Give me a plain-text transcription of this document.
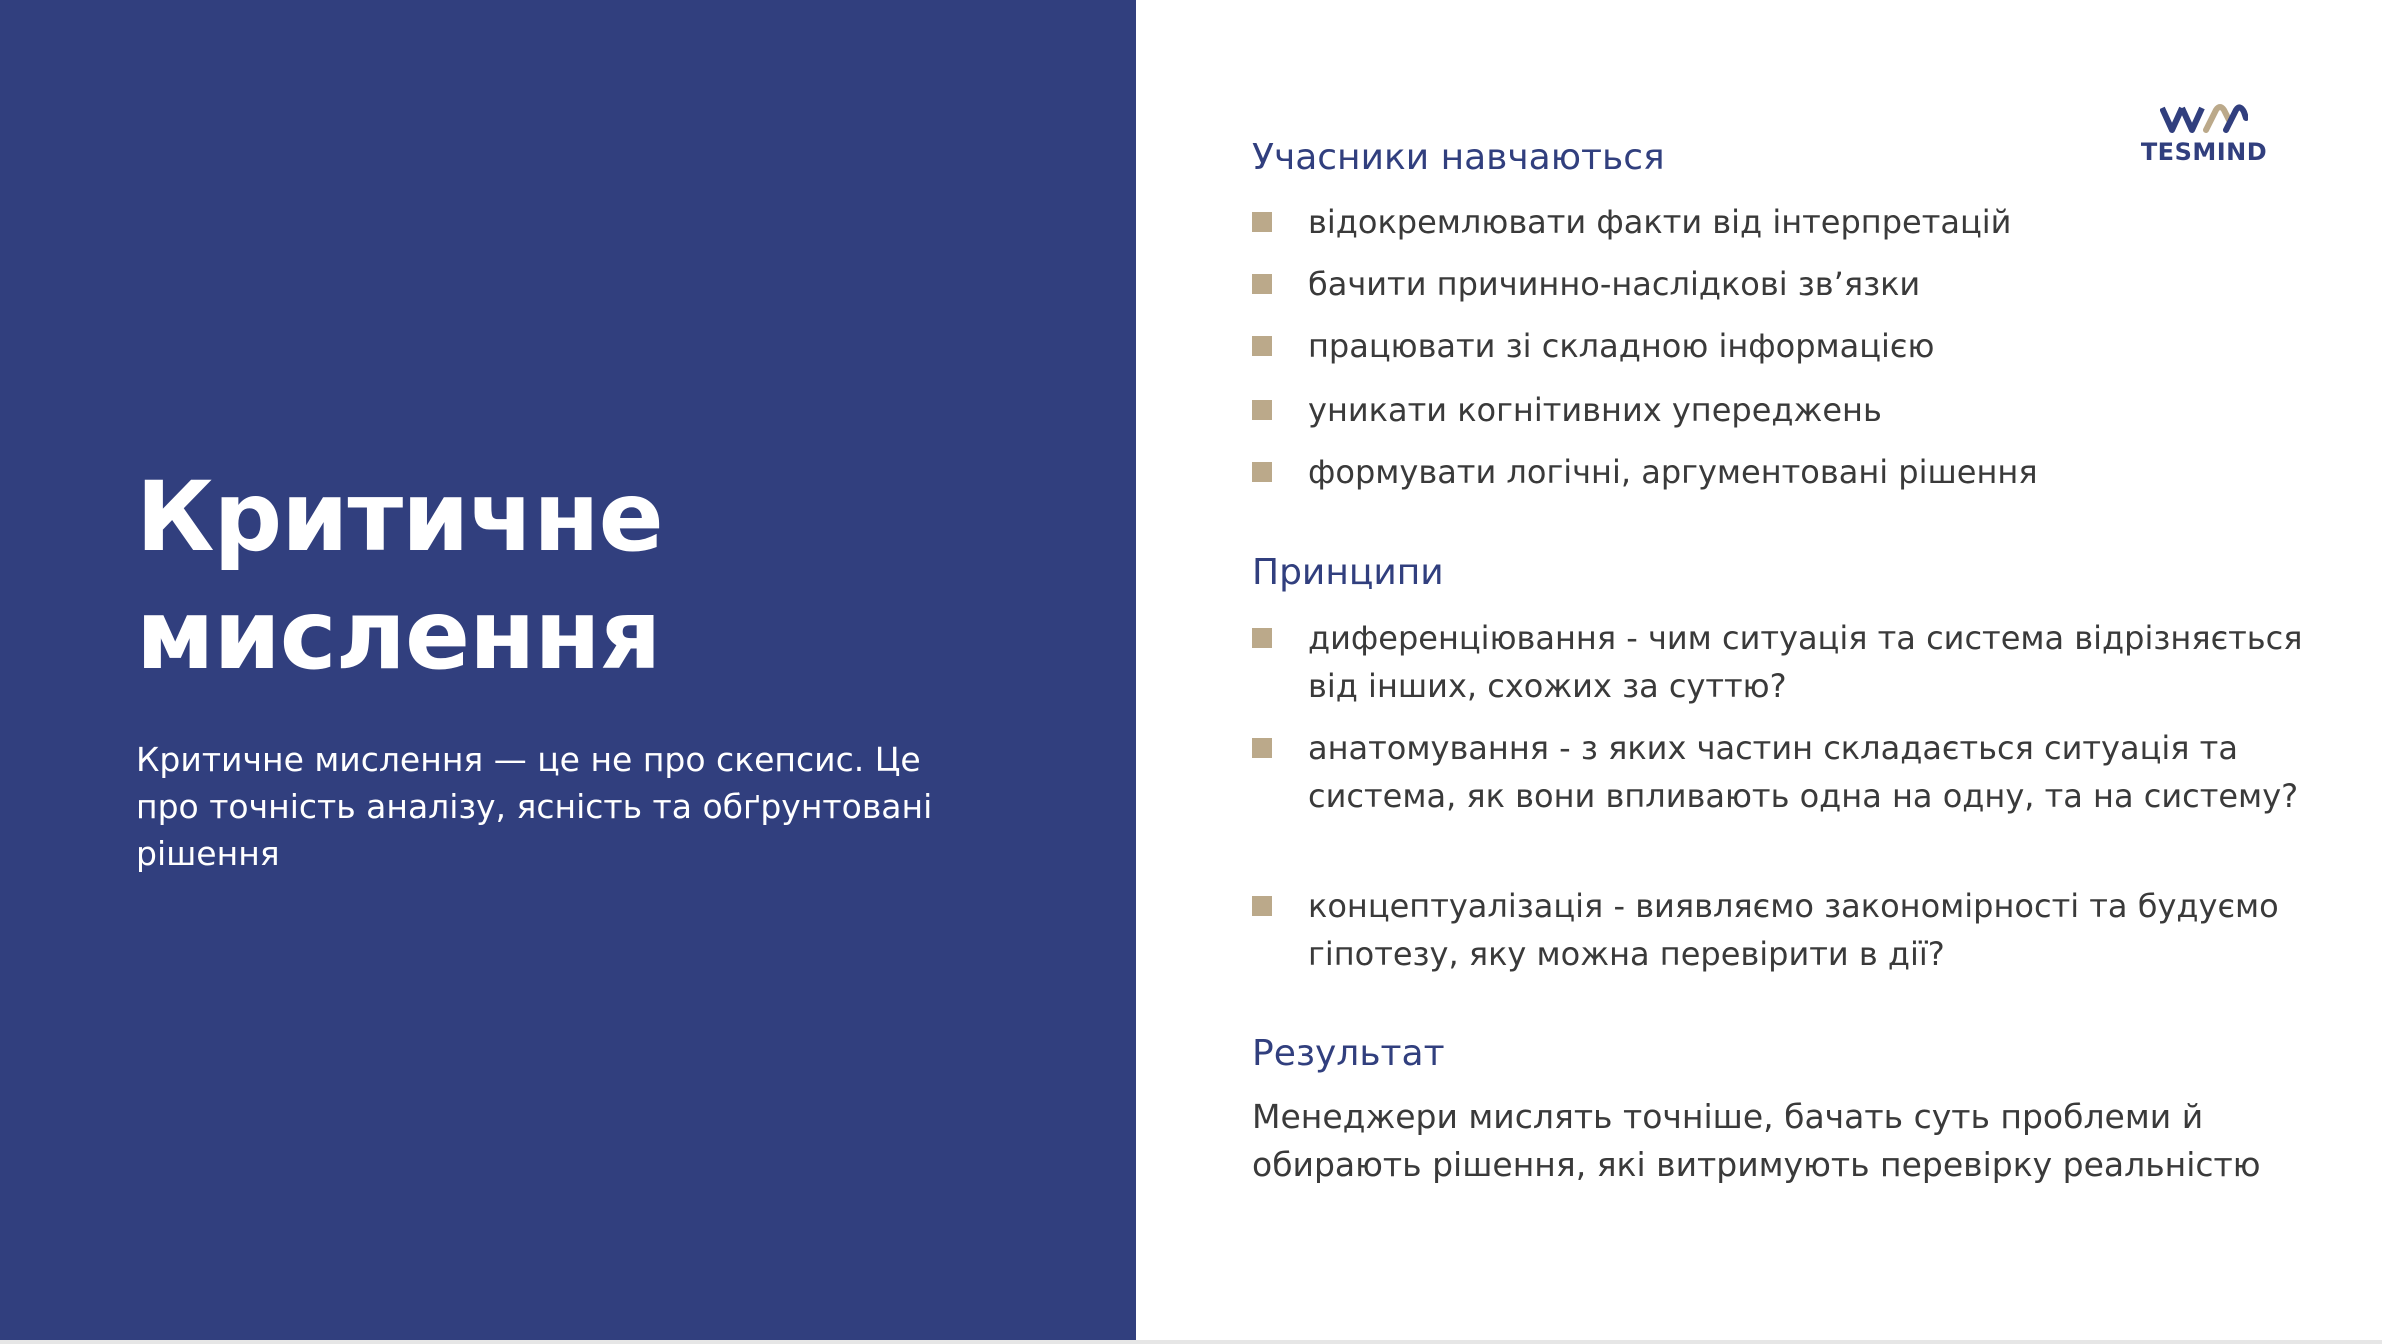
Критичне
мислення

Критичне мислення — це не про скепсис. Це про точність аналізу, ясність та обґрунтовані рішення

TESMIND
Учасники навчаються
відокремлювати факти від інтерпретацій
бачити причинно-наслідкові зв’язки
працювати зі складною інформацією
уникати когнітивних упереджень
формувати логічні, аргументовані рішення
Принципи
диференціювання - чим ситуація та система відрізняється від інших, схожих за суттю?
анатомування - з яких частин складається ситуація та система, як вони впливають одна на одну, та на систему?
концептуалізація - виявляємо закономірності та будуємо гіпотезу, яку можна перевірити в дії?
Результат

Менеджери мислять точніше, бачать суть проблеми й обирають рішення, які витримують перевірку реальністю
